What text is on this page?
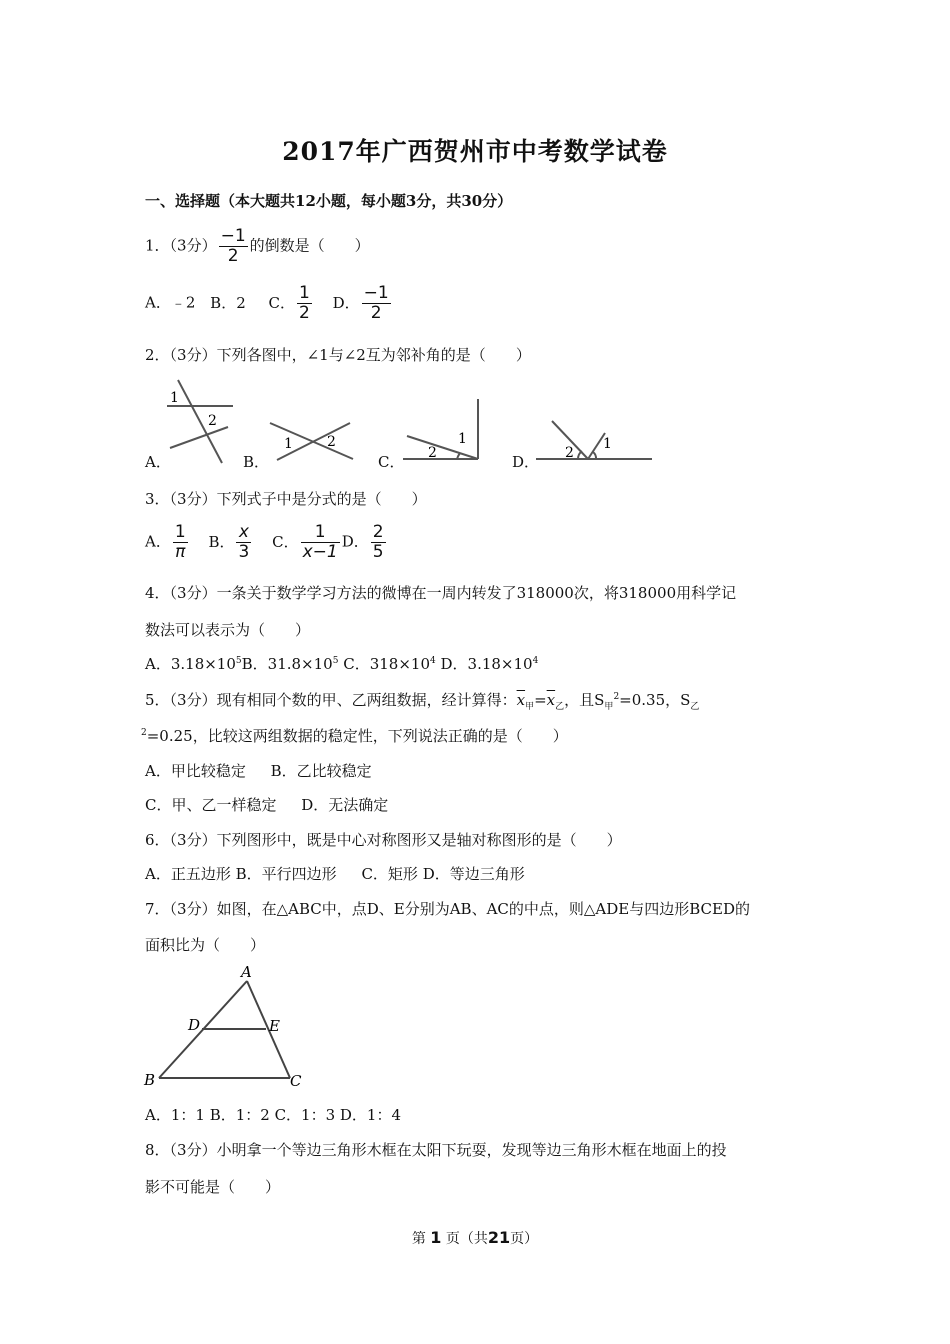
2017年广西贺州市中考数学试卷
一、选择题（本大题共12小题，每小题3分，共30分）
1．（3分） $\frac{-1}{2}$ 的倒数是（　　）
A．﹣2 B．2 C． $\frac{1}{2}$ D． $\frac{-1}{2}$
2．（3分）下列各图中，∠1与∠2互为邻补角的是（　　）
A．	B．	C．	D．
1
2
1 2	1
2
1
2
3．（3分）下列式子中是分式的是（　　）
A． $\frac{1}{\pi}$ B． $\frac{x}{3}$ C． $\frac{1}{x-1}$ D． $\frac{2}{5}$
4．（3分）一条关于数学学习方法的微博在一周内转发了318000次，将318000用科学记
数法可以表示为（　　）
A．$3.18\times 10^5B$．$31.8\times 10^5$ C．$318\times 10^4$ D．$3.18\times 10^4$
5．（3分）现有相同个数的甲、乙两组数据，经计算得：$\overline{x}_甲=\overline{x}_乙$，且$S_甲^2=0.35$，$S_乙$
$^2$=0.25，比较这两组数据的稳定性，下列说法正确的是（　　）
A．甲比较稳定 B．乙比较稳定
C．甲、乙一样稳定 D．无法确定
6．（3分）下列图形中，既是中心对称图形又是轴对称图形的是（　　）
A．正五边形 B．平行四边形 C．矩形 D．等边三角形
7．（3分）如图，在△ABC中，点D、E分别为AB、AC的中点，则△ADE与四边形BCED的
面积比为（　　）
A
D	E
B	C
A．1：1 B．1：2 C．1：3 D．1：4
8．（3分）小明拿一个等边三角形木框在太阳下玩耍，发现等边三角形木框在地面上的投
影不可能是（　　）
第 1 页（共21页）
